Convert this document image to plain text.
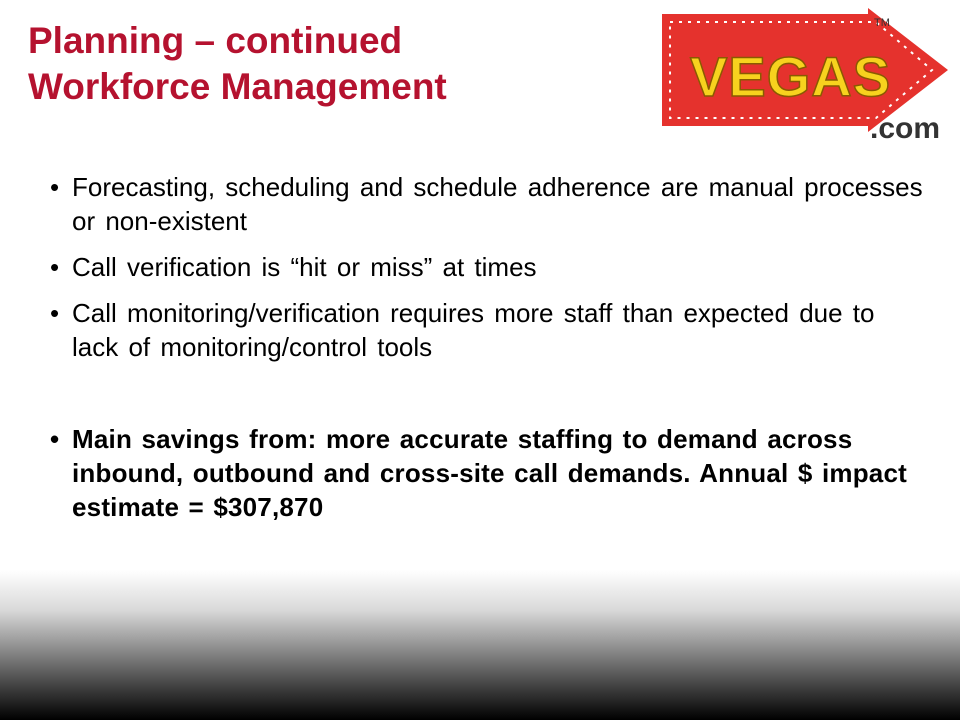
Planning – continued
Workforce Management	VEGAS
.com
TM
• Forecasting, scheduling and schedule adherence are manual processes or non-existent
• Call verification is “hit or miss” at times
• Call monitoring/verification requires more staff than expected due to lack of monitoring/control tools
• Main savings from: more accurate staffing to demand across inbound, outbound and cross-site call demands. Annual $ impact estimate = $307,870
